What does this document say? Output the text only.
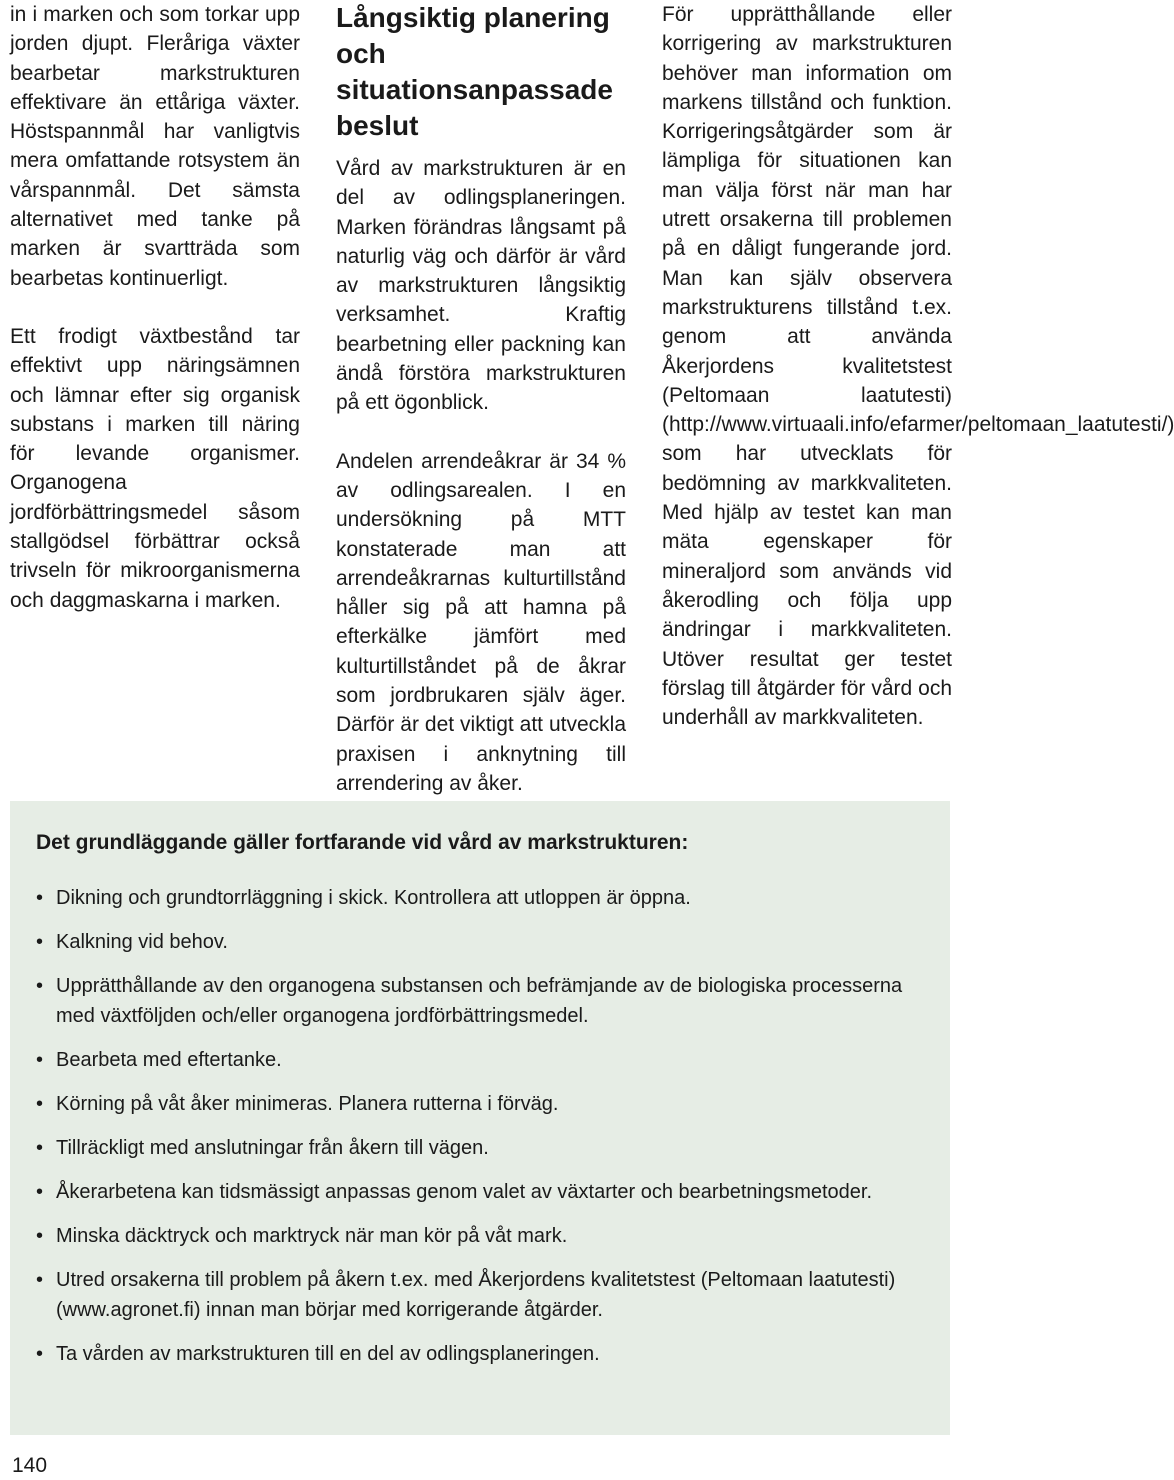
in i marken och som torkar upp jorden djupt. Fleråriga växter bearbetar markstrukturen effektivare än ettåriga växter. Höstspannmål har vanligtvis mera omfattande rotsystem än vårspannmål. Det sämsta alternativet med tanke på marken är svartträda som bearbetas kontinuerligt.

Ett frodigt växtbestånd tar effektivt upp näringsämnen och lämnar efter sig organisk substans i marken till näring för levande organismer. Organogena jordförbättringsmedel såsom stallgödsel förbättrar också trivseln för mikroorganismerna och daggmaskarna i marken.

Långsiktig planering och situationsanpassade beslut

Vård av markstrukturen är en del av odlingsplaneringen. Marken förändras långsamt på naturlig väg och därför är vård av markstrukturen långsiktig verksamhet. Kraftig bearbetning eller packning kan ändå förstöra markstrukturen på ett ögonblick.

Andelen arrendeåkrar är 34 % av odlingsarealen. I en undersökning på MTT konstaterade man att arrendeåkrarnas kulturtillstånd håller sig på att hamna på efterkälke jämfört med kulturtillståndet på de åkrar som jordbrukaren själv äger. Därför är det viktigt att utveckla praxisen i anknytning till arrendering av åker.

För upprätthållande eller korrigering av markstrukturen behöver man information om markens tillstånd och funktion. Korrigeringsåtgärder som är lämpliga för situationen kan man välja först när man har utrett orsakerna till problemen på en dåligt fungerande jord. Man kan själv observera markstrukturens tillstånd t.ex. genom att använda Åkerjordens kvalitetstest (Peltomaan laatutesti) (http://www.virtuaali.info/efarmer/peltomaan_laatutesti/) som har utvecklats för bedömning av markkvaliteten. Med hjälp av testet kan man mäta egenskaper för mineraljord som används vid åkerodling och följa upp ändringar i markkvaliteten. Utöver resultat ger testet förslag till åtgärder för vård och underhåll av markkvaliteten.

Det grundläggande gäller fortfarande vid vård av markstrukturen:
• Dikning och grundtorrläggning i skick. Kontrollera att utloppen är öppna.
• Kalkning vid behov.
• Upprätthållande av den organogena substansen och befrämjande av de biologiska processerna med växtföljden och/eller organogena jordförbättringsmedel.
• Bearbeta med eftertanke.
• Körning på våt åker minimeras. Planera rutterna i förväg.
• Tillräckligt med anslutningar från åkern till vägen.
• Åkerarbetena kan tidsmässigt anpassas genom valet av växtarter och bearbetningsmetoder.
• Minska däcktryck och marktryck när man kör på våt mark.
• Utred orsakerna till problem på åkern t.ex. med Åkerjordens kvalitetstest (Peltomaan laatutesti) (www.agronet.fi) innan man börjar med korrigerande åtgärder.
• Ta vården av markstrukturen till en del av odlingsplaneringen.
140
